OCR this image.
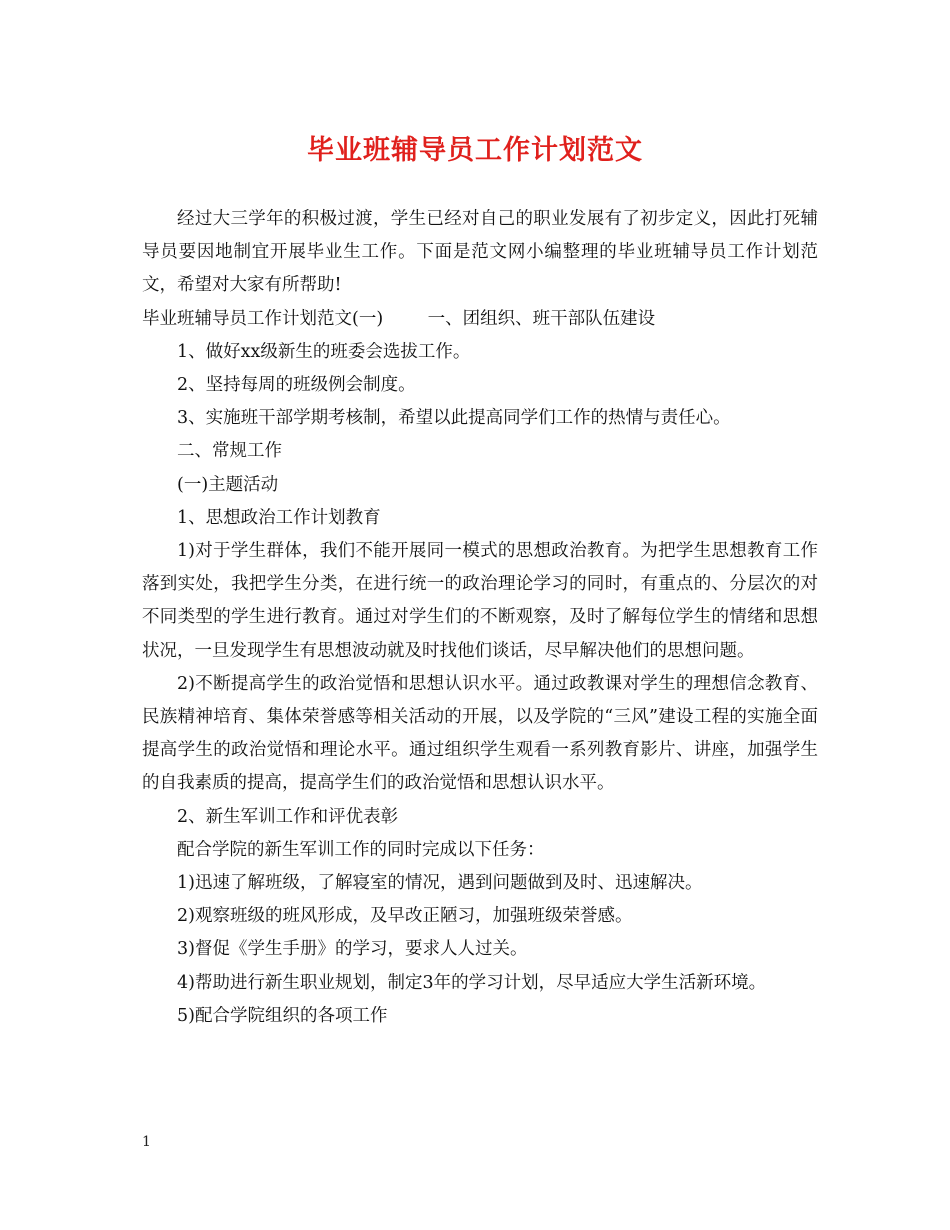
毕业班辅导员工作计划范文

经过大三学年的积极过渡，学生已经对自己的职业发展有了初步定义，因此打死辅导员要因地制宜开展毕业生工作。下面是范文网小编整理的毕业班辅导员工作计划范文，希望对大家有所帮助!

毕业班辅导员工作计划范文(一)        一、团组织、班干部队伍建设

1、做好xx级新生的班委会选拔工作。

2、坚持每周的班级例会制度。

3、实施班干部学期考核制，希望以此提高同学们工作的热情与责任心。

二、常规工作

(一)主题活动

1、思想政治工作计划教育

1)对于学生群体，我们不能开展同一模式的思想政治教育。为把学生思想教育工作落到实处，我把学生分类，在进行统一的政治理论学习的同时，有重点的、分层次的对不同类型的学生进行教育。通过对学生们的不断观察，及时了解每位学生的情绪和思想状况，一旦发现学生有思想波动就及时找他们谈话，尽早解决他们的思想问题。

2)不断提高学生的政治觉悟和思想认识水平。通过政教课对学生的理想信念教育、民族精神培育、集体荣誉感等相关活动的开展，以及学院的“三风”建设工程的实施全面提高学生的政治觉悟和理论水平。通过组织学生观看一系列教育影片、讲座，加强学生的自我素质的提高，提高学生们的政治觉悟和思想认识水平。

2、新生军训工作和评优表彰

配合学院的新生军训工作的同时完成以下任务：

1)迅速了解班级，了解寝室的情况，遇到问题做到及时、迅速解决。

2)观察班级的班风形成，及早改正陋习，加强班级荣誉感。

3)督促《学生手册》的学习，要求人人过关。

4)帮助进行新生职业规划，制定3年的学习计划，尽早适应大学生活新环境。

5)配合学院组织的各项工作

1
